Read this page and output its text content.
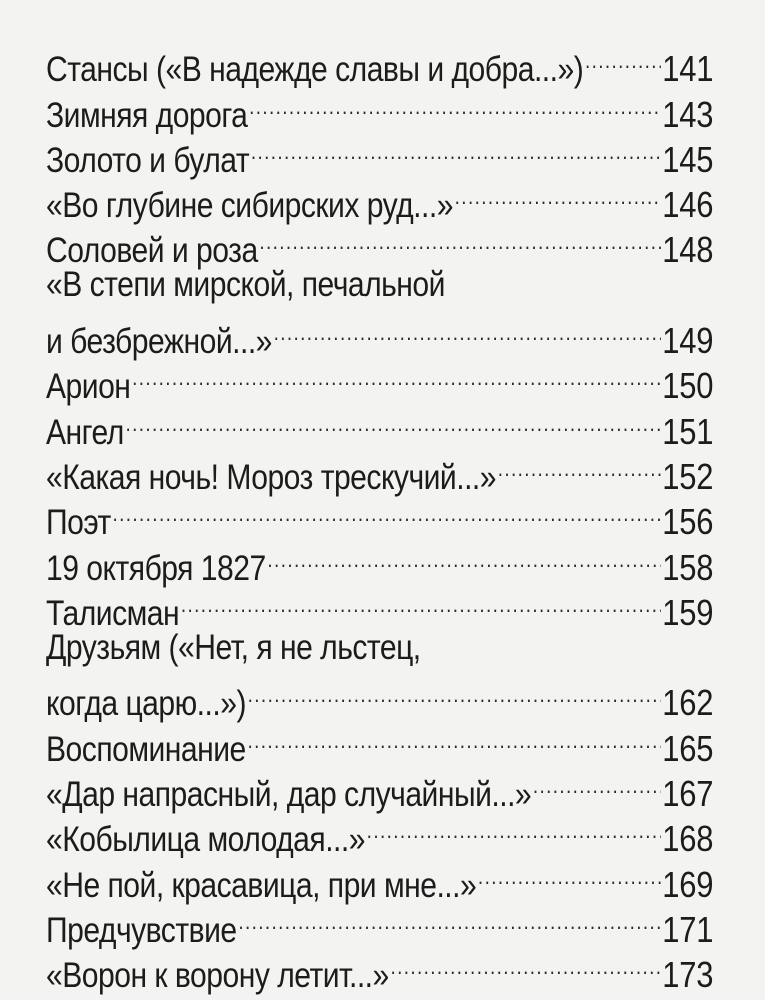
Стансы («В надежде славы и добра...») ..... 141
Зимняя дорога .....	143
Золото и булат .....	145
«Во глубине сибирских руд...» .....	146
Соловей и роза .....	148
«В степи мирской, печальной
и безбрежной...» .....	149
Арион .....	150
Ангел .....	151
«Какая ночь! Мороз трескучий...» .....	152
Поэт .....	156
19 октября 1827 .....	158
Талисман .....	159
Друзьям («Нет, я не льстец,
когда царю...») .....	162
Воспоминание .....	165
«Дар напрасный, дар случайный...» .....	167
«Кобылица молодая...» .....	168
«Не пой, красавица, при мне...» .....	169
Предчувствие .....	171
«Ворон к ворону летит...» .....	173
